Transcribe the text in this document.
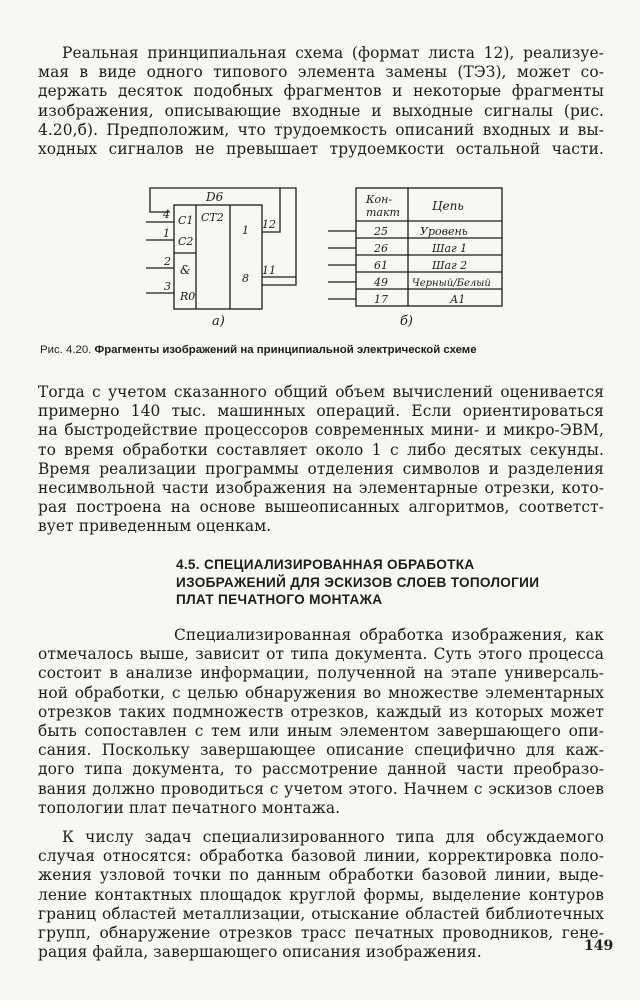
Реальная принципиальная схема (формат листа 12), реализуе-
мая в виде одного типового элемента замены (ТЭЗ), может со-
держать десяток подобных фрагментов и некоторые фрагменты
изображения, описывающие входные и выходные сигналы (рис.
4.20,б). Предположим, что трудоемкость описаний входных и вы-
ходных сигналов не превышает трудоемкости остальной части.
D6
4
1
2
3
C1
C2
&
R0
CT2
1
8
12
11
а)
Кон-
такт	Цепь
25	Уровень
26	Шаг 1
61	Шаг 2
49 Черный/Белый
17	А1
б)
Рис. 4.20. Фрагменты изображений на принципиальной электрической схеме
Тогда с учетом сказанного общий объем вычислений оценивается
примерно 140 тыс. машинных операций. Если ориентироваться
на быстродействие процессоров современных мини- и микро-ЭВМ,
то время обработки составляет около 1 с либо десятых секунды.
Время реализации программы отделения символов и разделения
несимвольной части изображения на элементарные отрезки, кото-
рая построена на основе вышеописанных алгоритмов, соответст-
вует приведенным оценкам.
4.5. СПЕЦИАЛИЗИРОВАННАЯ ОБРАБОТКА
ИЗОБРАЖЕНИЙ ДЛЯ ЭСКИЗОВ СЛОЕВ ТОПОЛОГИИ
ПЛАТ ПЕЧАТНОГО МОНТАЖА
Специализированная обработка изображения, как
отмечалось выше, зависит от типа документа. Суть этого процесса
состоит в анализе информации, полученной на этапе универсаль-
ной обработки, с целью обнаружения во множестве элементарных
отрезков таких подмножеств отрезков, каждый из которых может
быть сопоставлен с тем или иным элементом завершающего опи-
сания. Поскольку завершающее описание специфично для каж-
дого типа документа, то рассмотрение данной части преобразо-
вания должно проводиться с учетом этого. Начнем с эскизов слоев
топологии плат печатного монтажа.
К числу задач специализированного типа для обсуждаемого
случая относятся: обработка базовой линии, корректировка поло-
жения узловой точки по данным обработки базовой линии, выде-
ление контактных площадок круглой формы, выделение контуров
границ областей металлизации, отыскание областей библиотечных
групп, обнаружение отрезков трасс печатных проводников, гене-
рация файла, завершающего описания изображения.	149
